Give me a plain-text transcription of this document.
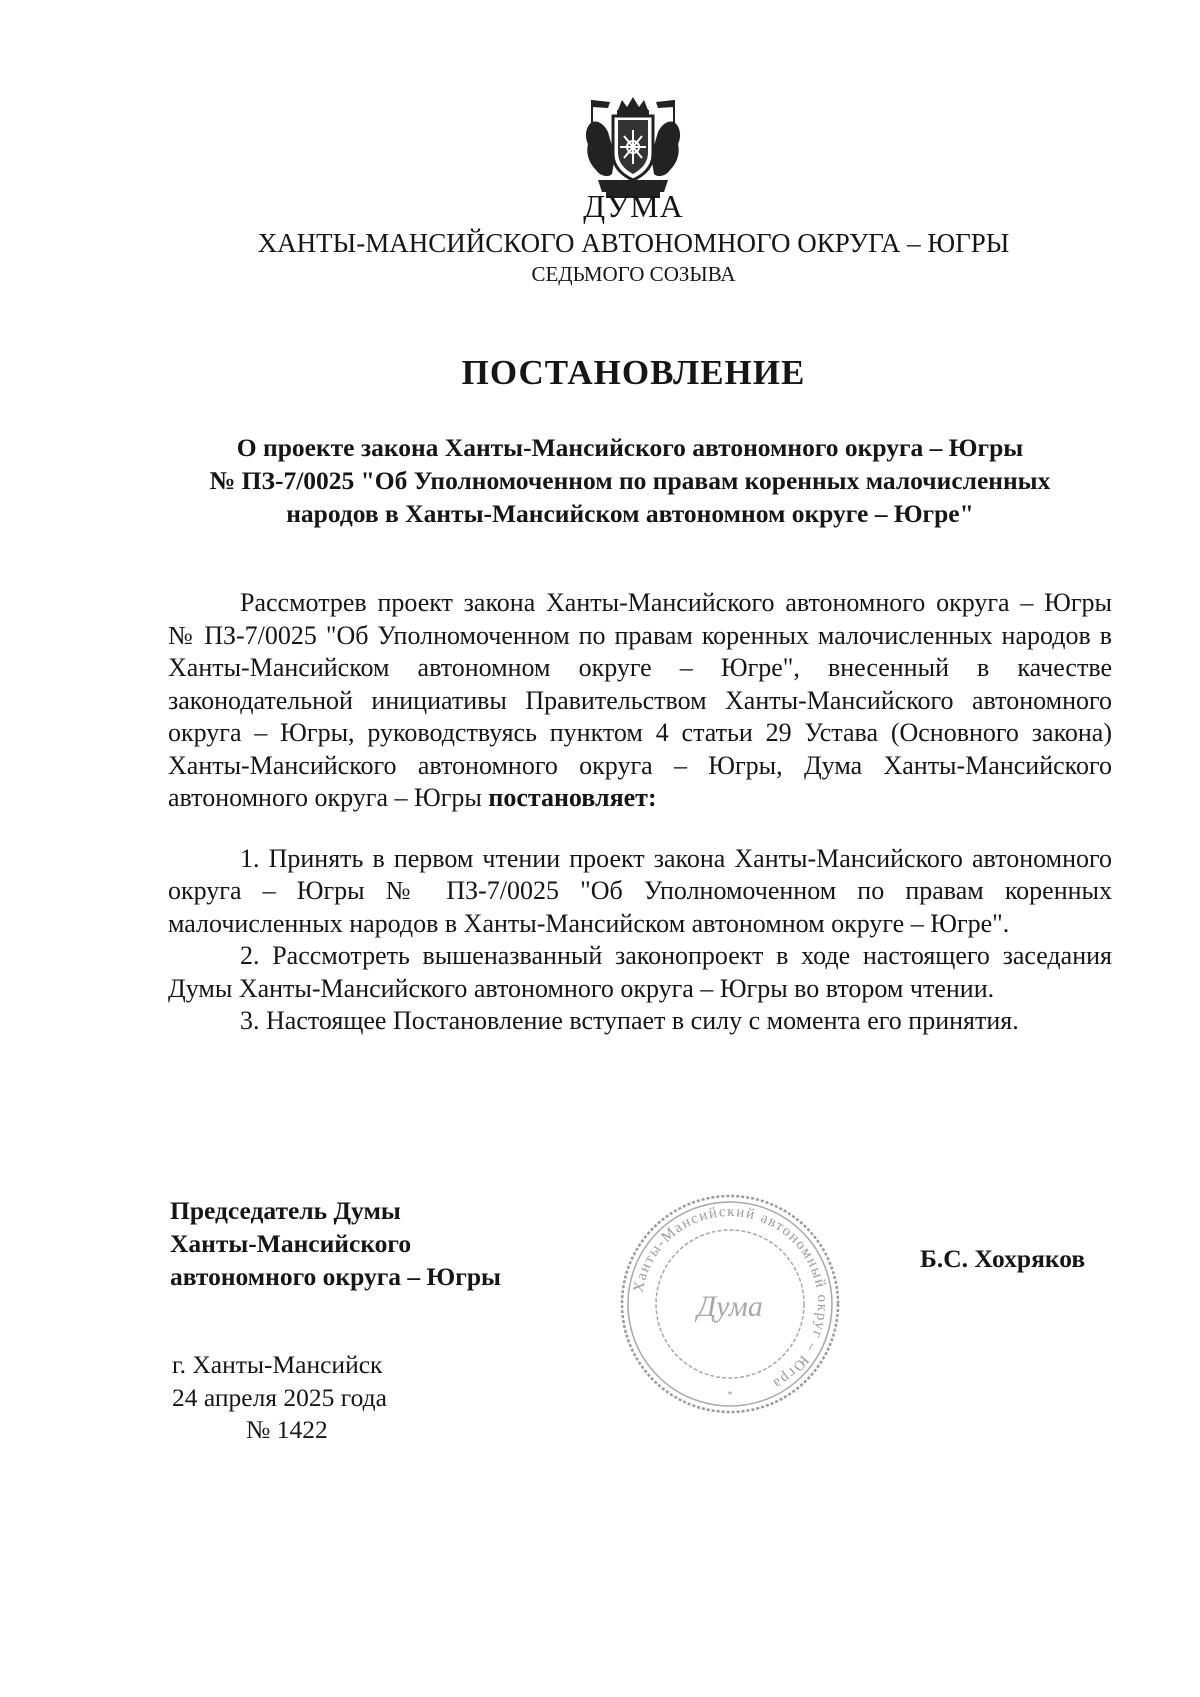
ДУМА
ХАНТЫ-МАНСИЙСКОГО АВТОНОМНОГО ОКРУГА – ЮГРЫ
СЕДЬМОГО СОЗЫВА
ПОСТАНОВЛЕНИЕ
О проекте закона Ханты-Мансийского автономного округа – Югры
№ ПЗ-7/0025 "Об Уполномоченном по правам коренных малочисленных
народов в Ханты-Мансийском автономном округе – Югре"

Рассмотрев проект закона Ханты-Мансийского автономного округа – Югры № ПЗ-7/0025 "Об Уполномоченном по правам коренных малочисленных народов в Ханты-Мансийском автономном округе – Югре", внесенный в качестве законодательной инициативы Правительством Ханты-Мансийского автономного округа – Югры, руководствуясь пунктом 4 статьи 29 Устава (Основного закона) Ханты-Мансийского автономного округа – Югры, Дума Ханты-Мансийского автономного округа – Югры постановляет:

1. Принять в первом чтении проект закона Ханты-Мансийского автономного округа – Югры № ПЗ-7/0025 "Об Уполномоченном по правам коренных малочисленных народов в Ханты-Мансийском автономном округе – Югре".

2. Рассмотреть вышеназванный законопроект в ходе настоящего заседания Думы Ханты-Мансийского автономного округа – Югры во втором чтении.

3. Настоящее Постановление вступает в силу с момента его принятия.

Председатель Думы
Ханты-Мансийского
автономного округа – Югры	Ханты-Мансийский автономный округ – Югра
Дума
*
Б.С. Хохряков
г. Ханты-Мансийск
24 апреля 2025 года
№ 1422
